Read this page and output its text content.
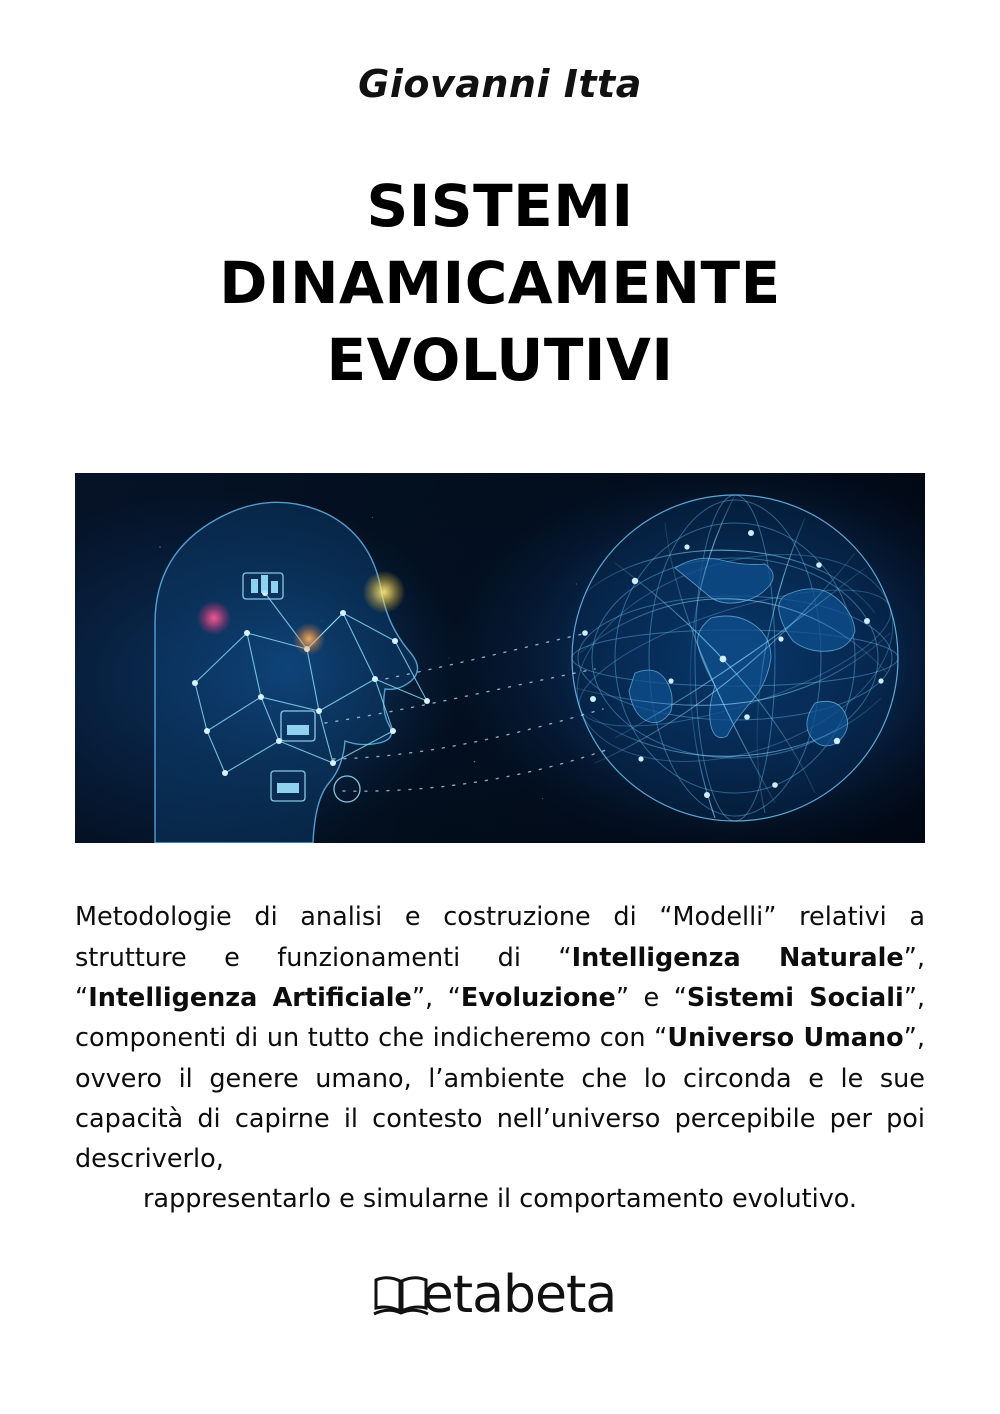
Giovanni Itta
SISTEMI
DINAMICAMENTE
EVOLUTIVI
Metodologie di analisi e costruzione di “Modelli” relativi a strutture e funzionamenti di “Intelligenza Naturale”, “Intelligenza Artificiale”, “Evoluzione” e “Sistemi Sociali”, componenti di un tutto che indicheremo con “Universo Umano”, ovvero il genere umano, l’ambiente che lo circonda e le sue capacità di capirne il contesto nell’universo percepibile per poi descriverlo,
rappresentarlo e simularne il comportamento evolutivo.
etabeta
